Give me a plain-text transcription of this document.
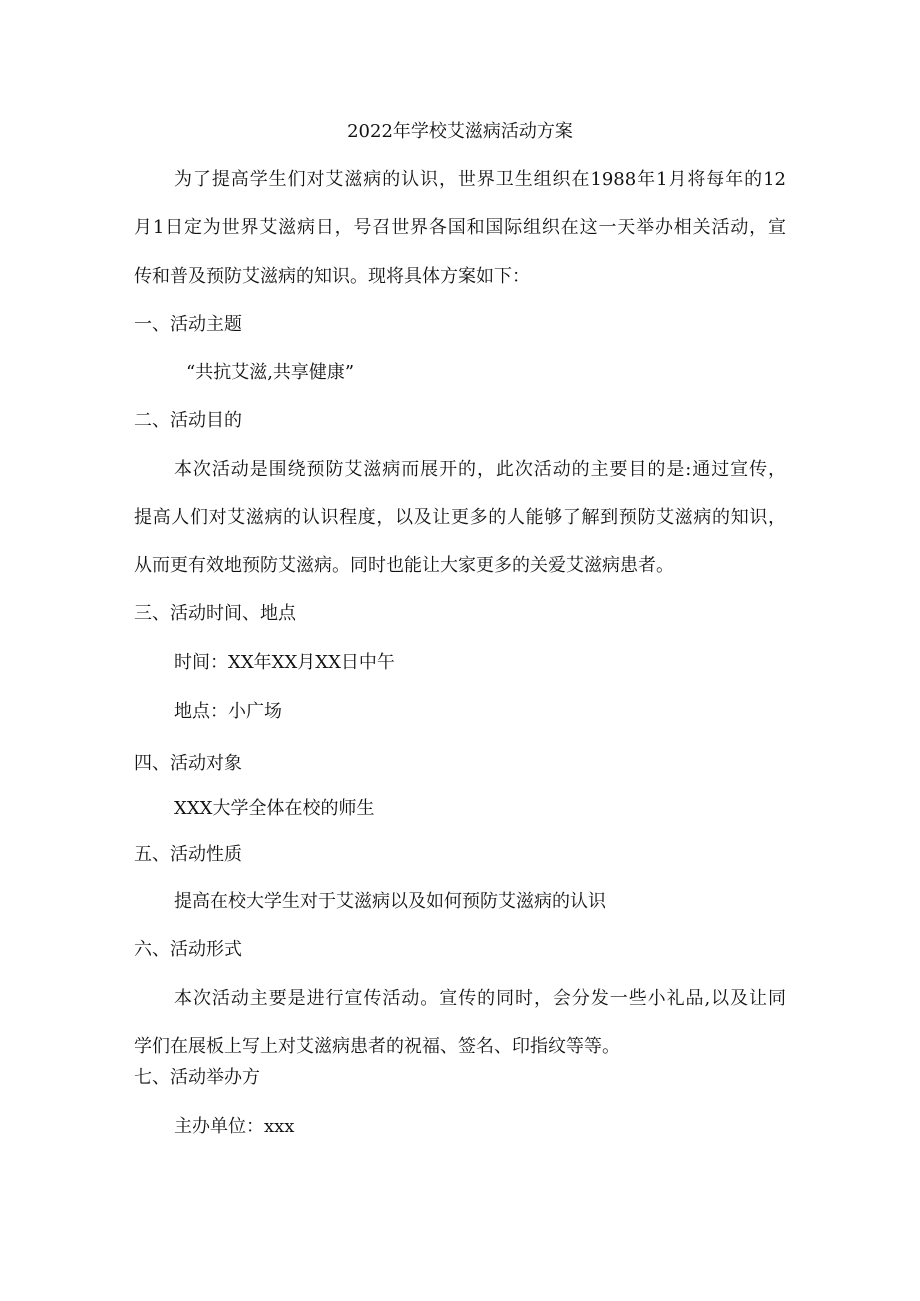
2022年学校艾滋病活动方案
为了提高学生们对艾滋病的认识，世界卫生组织在1988年1月将每年的12
月1日定为世界艾滋病日，号召世界各国和国际组织在这一天举办相关活动，宣
传和普及预防艾滋病的知识。现将具体方案如下：
一、活动主题
“共抗艾滋,共享健康”
二、活动目的
本次活动是围绕预防艾滋病而展开的，此次活动的主要目的是:通过宣传，
提高人们对艾滋病的认识程度，以及让更多的人能够了解到预防艾滋病的知识，
从而更有效地预防艾滋病。同时也能让大家更多的关爱艾滋病患者。
三、活动时间、地点
时间：XX年XX月XX日中午
地点：小广场
四、活动对象
XXX大学全体在校的师生
五、活动性质
提高在校大学生对于艾滋病以及如何预防艾滋病的认识
六、活动形式
本次活动主要是进行宣传活动。宣传的同时，会分发一些小礼品,以及让同
学们在展板上写上对艾滋病患者的祝福、签名、印指纹等等。
七、活动举办方
主办单位：xxx
